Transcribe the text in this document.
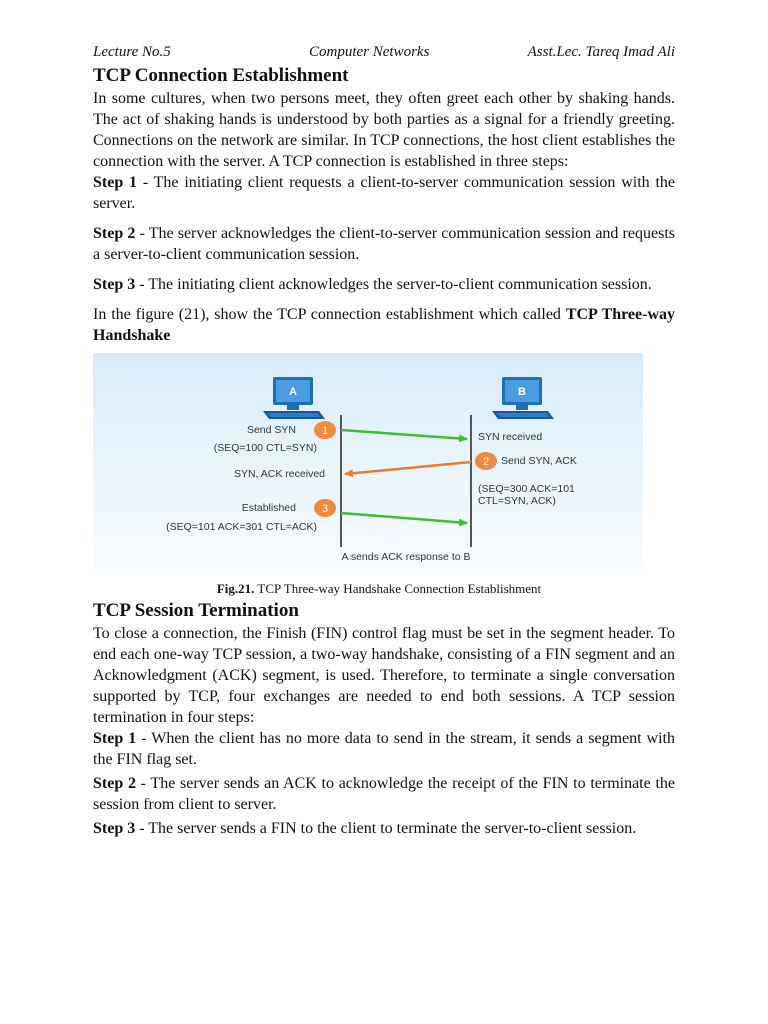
Lecture No.5	Computer Networks	Asst.Lec. Tareq Imad Ali
TCP Connection Establishment

In some cultures, when two persons meet, they often greet each other by shaking hands. The act of shaking hands is understood by both parties as a signal for a friendly greeting. Connections on the network are similar. In TCP connections, the host client establishes the connection with the server. A TCP connection is established in three steps:

Step 1 - The initiating client requests a client-to-server communication session with the server.

Step 2 - The server acknowledges the client-to-server communication session and requests a server-to-client communication session.

Step 3 - The initiating client acknowledges the server-to-client communication session.

In the figure (21), show the TCP connection establishment which called TCP Three-way Handshake

A	B
1
2
3
Send SYN
(SEQ=100 CTL=SYN)
SYN, ACK received
Established
(SEQ=101 ACK=301 CTL=ACK)
SYN received
Send SYN, ACK
(SEQ=300 ACK=101
CTL=SYN, ACK)
A sends ACK response to B
Fig.21. TCP Three-way Handshake Connection Establishment
TCP Session Termination

To close a connection, the Finish (FIN) control flag must be set in the segment header. To end each one-way TCP session, a two-way handshake, consisting of a FIN segment and an Acknowledgment (ACK) segment, is used. Therefore, to terminate a single conversation supported by TCP, four exchanges are needed to end both sessions. A TCP session termination in four steps:

Step 1 - When the client has no more data to send in the stream, it sends a segment with the FIN flag set.

Step 2 - The server sends an ACK to acknowledge the receipt of the FIN to terminate the session from client to server.

Step 3 - The server sends a FIN to the client to terminate the server-to-client session.
